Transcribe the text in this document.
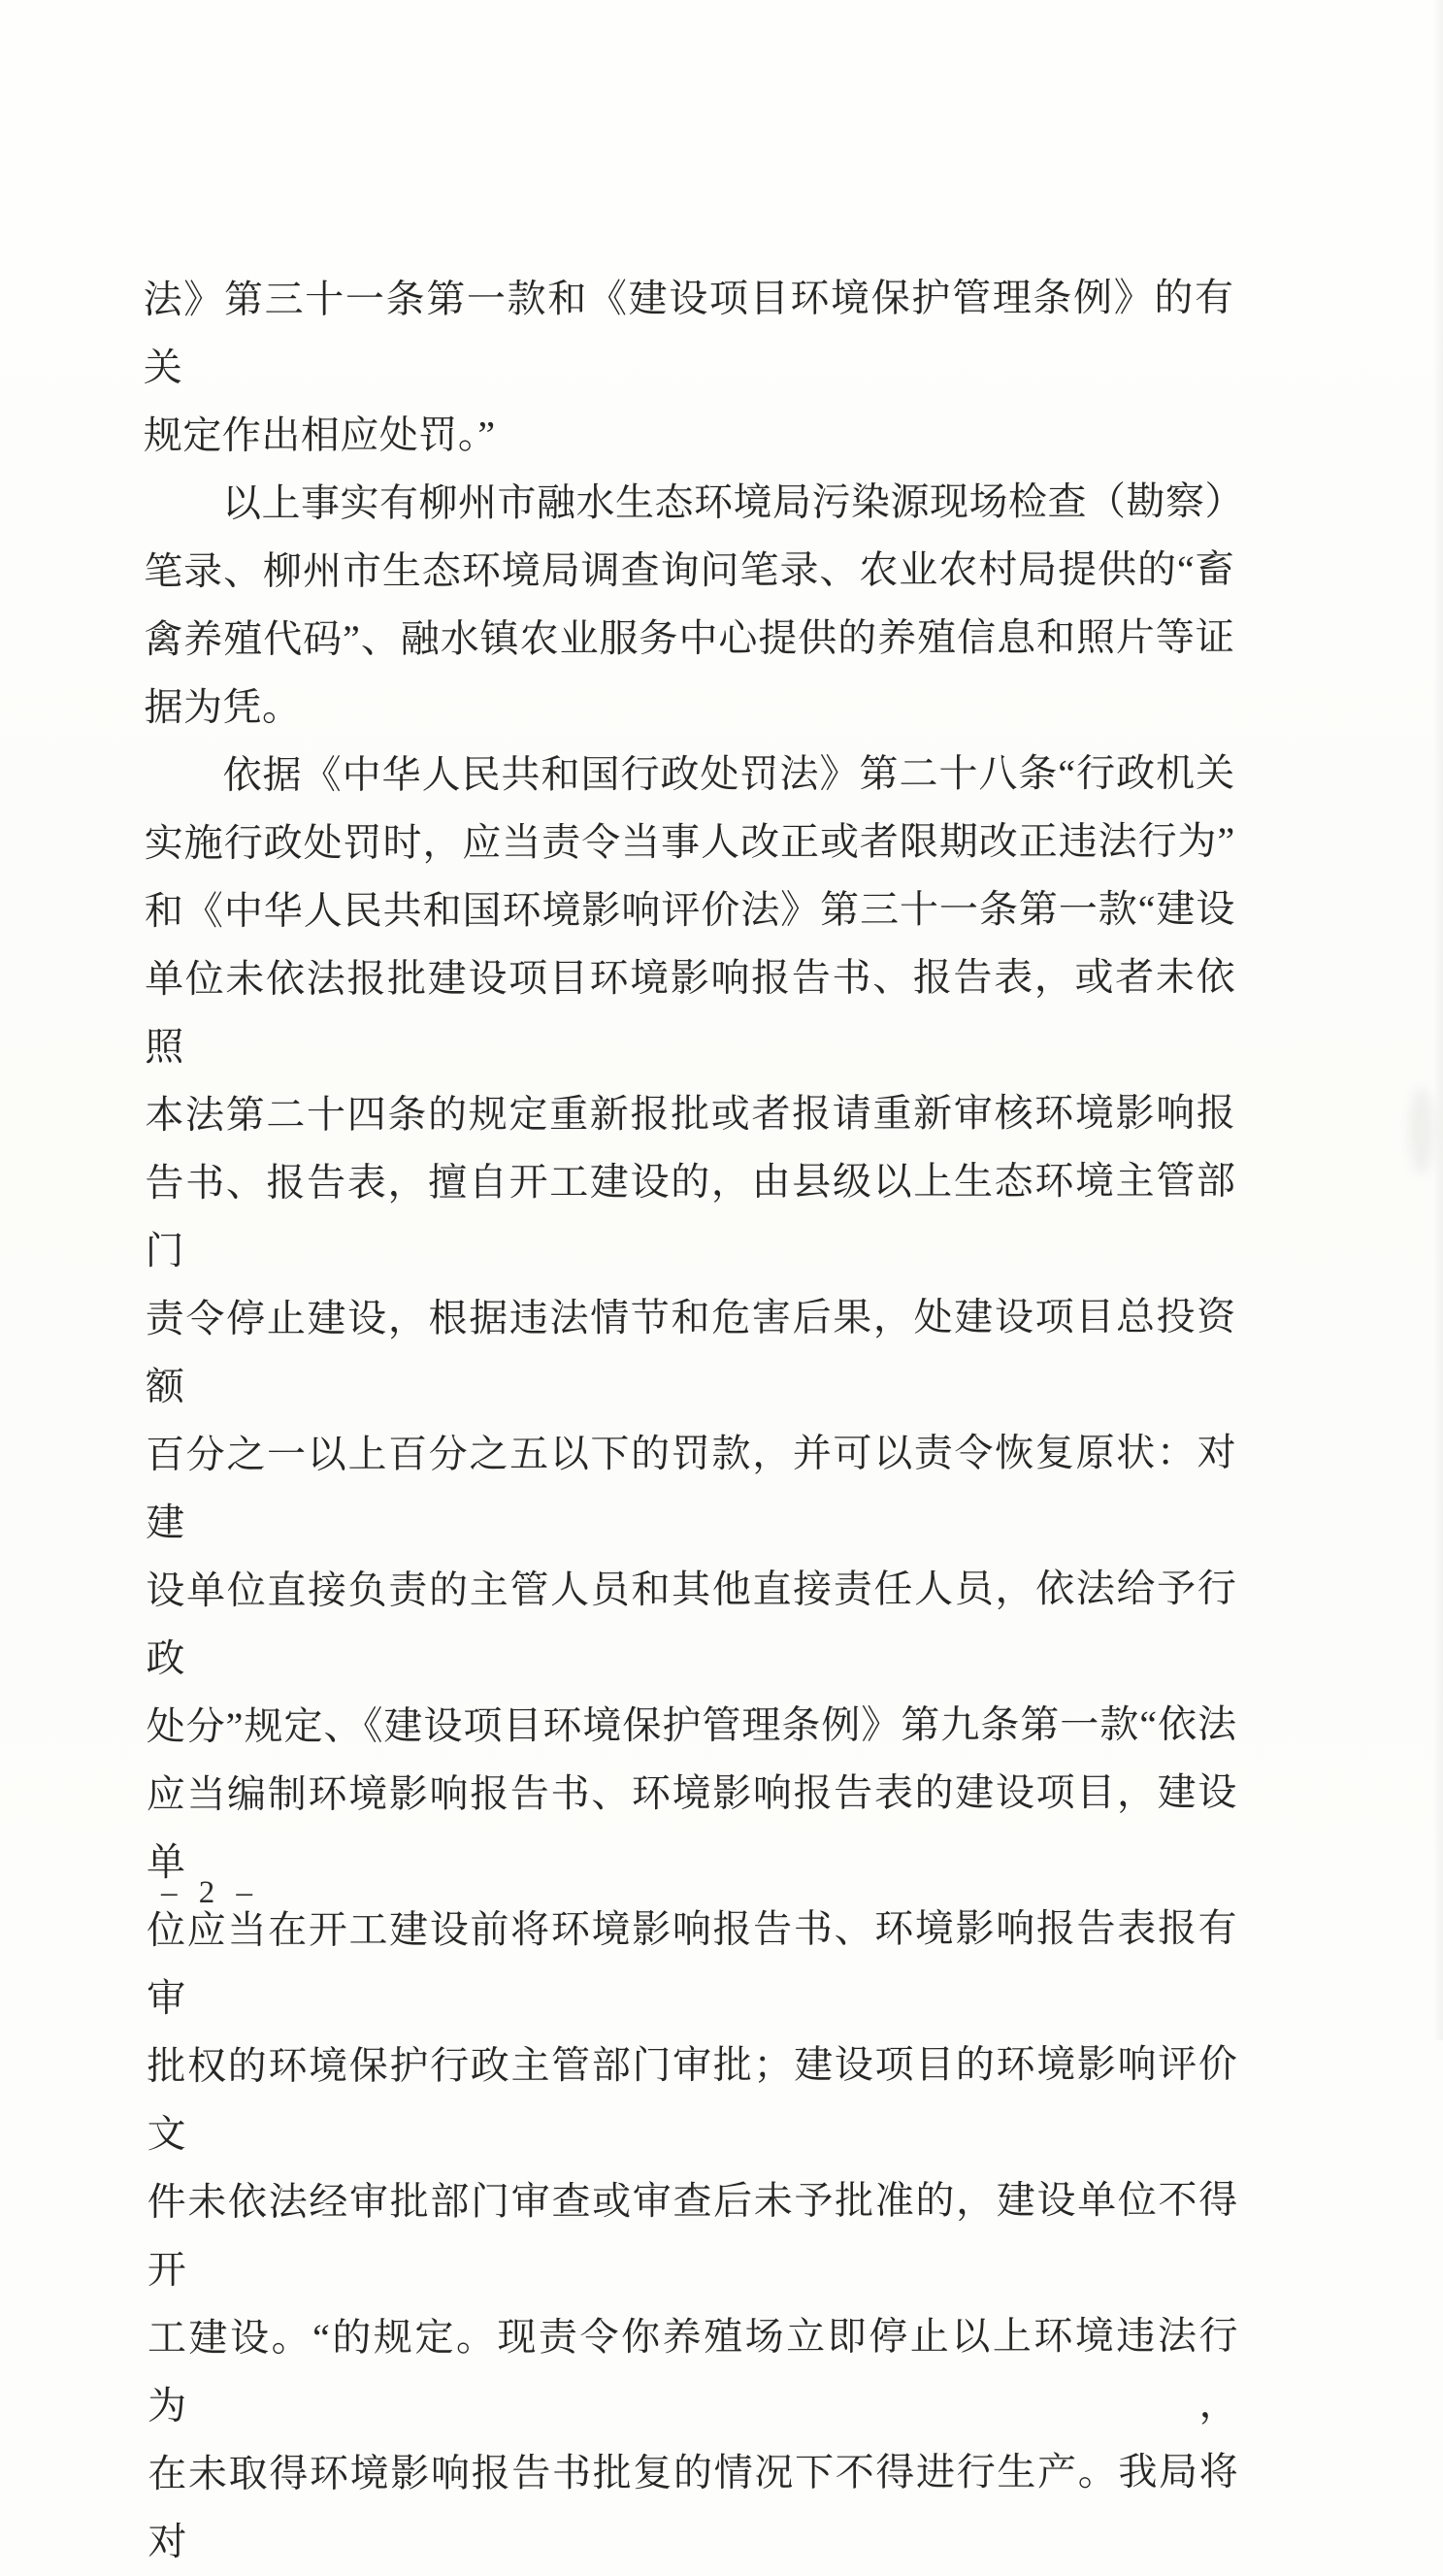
法》第三十一条第一款和《建设项目环境保护管理条例》的有关

规定作出相应处罚。”

以上事实有柳州市融水生态环境局污染源现场检查（勘察）

笔录、柳州市生态环境局调查询问笔录、农业农村局提供的“畜

禽养殖代码”、融水镇农业服务中心提供的养殖信息和照片等证

据为凭。

依据《中华人民共和国行政处罚法》第二十八条“行政机关

实施行政处罚时，应当责令当事人改正或者限期改正违法行为”

和《中华人民共和国环境影响评价法》第三十一条第一款“建设

单位未依法报批建设项目环境影响报告书、报告表，或者未依照

本法第二十四条的规定重新报批或者报请重新审核环境影响报

告书、报告表，擅自开工建设的，由县级以上生态环境主管部门

责令停止建设，根据违法情节和危害后果，处建设项目总投资额

百分之一以上百分之五以下的罚款，并可以责令恢复原状：对建

设单位直接负责的主管人员和其他直接责任人员，依法给予行政

处分”规定、《建设项目环境保护管理条例》第九条第一款“依法

应当编制环境影响报告书、环境影响报告表的建设项目，建设单

位应当在开工建设前将环境影响报告书、环境影响报告表报有审

批权的环境保护行政主管部门审批；建设项目的环境影响评价文

件未依法经审批部门审查或审查后未予批准的，建设单位不得开

工建设。“的规定。现责令你养殖场立即停止以上环境违法行为，

在未取得环境影响报告书批复的情况下不得进行生产。我局将对

– 2 –
